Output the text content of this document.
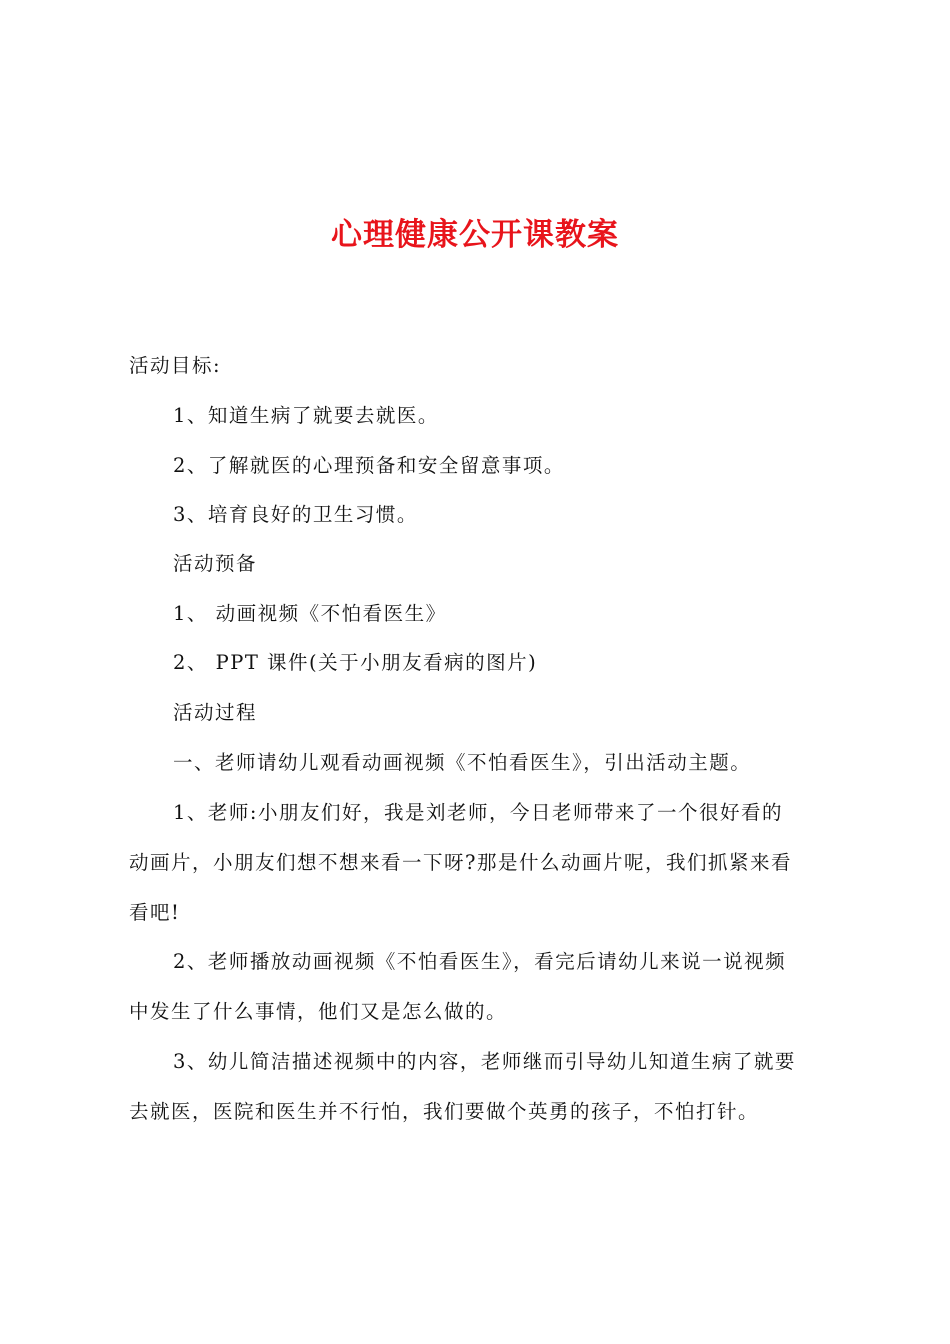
心理健康公开课教案
活动目标:
1、知道生病了就要去就医。
2、了解就医的心理预备和安全留意事项。
3、培育良好的卫生习惯。
活动预备
1、 动画视频《不怕看医生》
2、 PPT 课件(关于小朋友看病的图片)
活动过程
一、老师请幼儿观看动画视频《不怕看医生》，引出活动主题。
1、老师:小朋友们好，我是刘老师，今日老师带来了一个很好看的
动画片，小朋友们想不想来看一下呀?那是什么动画片呢，我们抓紧来看
看吧!
2、老师播放动画视频《不怕看医生》，看完后请幼儿来说一说视频
中发生了什么事情，他们又是怎么做的。
3、幼儿简洁描述视频中的内容，老师继而引导幼儿知道生病了就要
去就医，医院和医生并不行怕，我们要做个英勇的孩子，不怕打针。
